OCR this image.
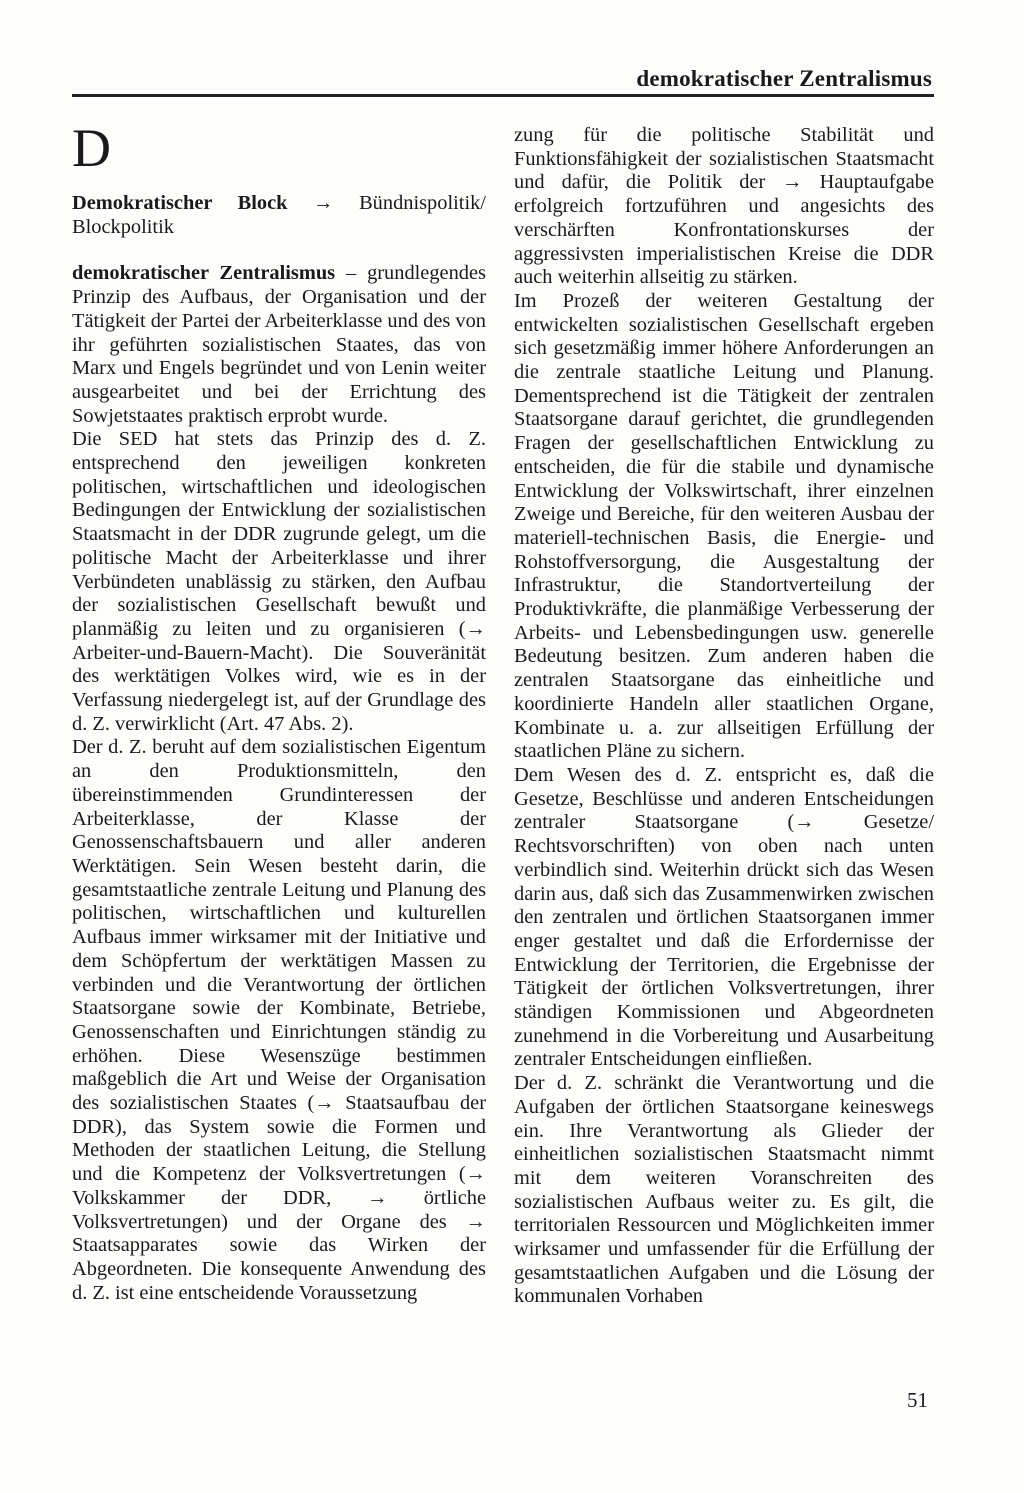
demokratischer Zentralismus
D

Demokratischer Block → Bündnispolitik/ Blockpolitik

demokratischer Zentralismus – grundlegendes Prinzip des Aufbaus, der Organisation und der Tätigkeit der Partei der Arbeiterklasse und des von ihr geführten sozialistischen Staates, das von Marx und Engels begründet und von Lenin weiter ausgearbeitet und bei der Errichtung des Sowjetstaates praktisch erprobt wurde.

Die SED hat stets das Prinzip des d. Z. entsprechend den jeweiligen konkreten politischen, wirtschaftlichen und ideologischen Bedingungen der Entwicklung der sozialistischen Staatsmacht in der DDR zugrunde gelegt, um die politische Macht der Arbeiterklasse und ihrer Verbündeten unablässig zu stärken, den Aufbau der sozialistischen Gesellschaft bewußt und planmäßig zu leiten und zu organisieren (→ Arbeiter-und-Bauern-Macht). Die Souveränität des werktätigen Volkes wird, wie es in der Verfassung niedergelegt ist, auf der Grundlage des d. Z. verwirklicht (Art. 47 Abs. 2).

Der d. Z. beruht auf dem sozialistischen Eigentum an den Produktionsmitteln, den übereinstimmenden Grundinteressen der Arbeiterklasse, der Klasse der Genossenschaftsbauern und aller anderen Werktätigen. Sein Wesen besteht darin, die gesamtstaatliche zentrale Leitung und Planung des politischen, wirtschaftlichen und kulturellen Aufbaus immer wirksamer mit der Initiative und dem Schöpfertum der werktätigen Massen zu verbinden und die Verantwortung der örtlichen Staatsorgane sowie der Kombinate, Betriebe, Genossenschaften und Einrichtungen ständig zu erhöhen. Diese Wesenszüge bestimmen maßgeblich die Art und Weise der Organisation des sozialistischen Staates (→ Staatsaufbau der DDR), das System sowie die Formen und Methoden der staatlichen Leitung, die Stellung und die Kompetenz der Volksvertretungen (→ Volkskammer der DDR, → örtliche Volksvertretungen) und der Organe des → Staatsapparates sowie das Wirken der Abgeordneten. Die konsequente Anwendung des d. Z. ist eine entscheidende Voraussetzung

zung für die politische Stabilität und Funktionsfähigkeit der sozialistischen Staatsmacht und dafür, die Politik der → Hauptaufgabe erfolgreich fortzuführen und angesichts des verschärften Konfrontationskurses der aggressivsten imperialistischen Kreise die DDR auch weiterhin allseitig zu stärken.

Im Prozeß der weiteren Gestaltung der entwickelten sozialistischen Gesellschaft ergeben sich gesetzmäßig immer höhere Anforderungen an die zentrale staatliche Leitung und Planung. Dementsprechend ist die Tätigkeit der zentralen Staatsorgane darauf gerichtet, die grundlegenden Fragen der gesellschaftlichen Entwicklung zu entscheiden, die für die stabile und dynamische Entwicklung der Volkswirtschaft, ihrer einzelnen Zweige und Bereiche, für den weiteren Ausbau der materiell-technischen Basis, die Energie- und Rohstoffversorgung, die Ausgestaltung der Infrastruktur, die Standortverteilung der Produktivkräfte, die planmäßige Verbesserung der Arbeits- und Lebensbedingungen usw. generelle Bedeutung besitzen. Zum anderen haben die zentralen Staatsorgane das einheitliche und koordinierte Handeln aller staatlichen Organe, Kombinate u. a. zur allseitigen Erfüllung der staatlichen Pläne zu sichern.

Dem Wesen des d. Z. entspricht es, daß die Gesetze, Beschlüsse und anderen Entscheidungen zentraler Staatsorgane (→ Gesetze/ Rechtsvorschriften) von oben nach unten verbindlich sind. Weiterhin drückt sich das Wesen darin aus, daß sich das Zusammenwirken zwischen den zentralen und örtlichen Staatsorganen immer enger gestaltet und daß die Erfordernisse der Entwicklung der Territorien, die Ergebnisse der Tätigkeit der örtlichen Volksvertretungen, ihrer ständigen Kommissionen und Abgeordneten zunehmend in die Vorbereitung und Ausarbeitung zentraler Entscheidungen einfließen.

Der d. Z. schränkt die Verantwortung und die Aufgaben der örtlichen Staatsorgane keineswegs ein. Ihre Verantwortung als Glieder der einheitlichen sozialistischen Staatsmacht nimmt mit dem weiteren Voranschreiten des sozialistischen Aufbaus weiter zu. Es gilt, die territorialen Ressourcen und Möglichkeiten immer wirksamer und umfassender für die Erfüllung der gesamtstaatlichen Aufgaben und die Lösung der kommunalen Vorhaben

51
